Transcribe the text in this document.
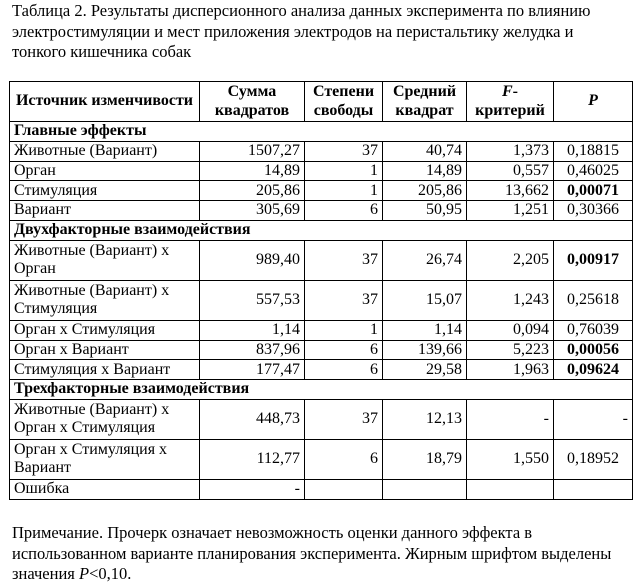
Таблица 2. Результаты дисперсионного анализа данных эксперимента по влиянию электростимуляции и мест приложения электродов на перистальтику желудка и тонкого кишечника собак
Источник изменчивости	Сумма квадратов	Степени свободы	Средний квадрат	F-критерий	P
Главные эффекты					
Животные (Вариант)	1507,27	37	40,74	1,373	0,18815
Орган	14,89	1	14,89	0,557	0,46025
Стимуляция	205,86	1	205,86	13,662	0,00071
Вариант	305,69	6	50,95	1,251	0,30366
Двухфакторные взаимодействия					
Животные (Вариант) х Орган	989,40	37	26,74	2,205	0,00917
Животные (Вариант) х Стимуляция	557,53	37	15,07	1,243	0,25618
Орган х Стимуляция	1,14	1	1,14	0,094	0,76039
Орган х Вариант	837,96	6	139,66	5,223	0,00056
Стимуляция х Вариант	177,47	6	29,58	1,963	0,09624
Трехфакторные взаимодействия					
Животные (Вариант) х Орган х Стимуляция	448,73	37	12,13	-	-
Орган х Стимуляция х Вариант	112,77	6	18,79	1,550	0,18952
Ошибка	-				
Примечание. Прочерк означает невозможность оценки данного эффекта в использованном варианте планирования эксперимента. Жирным шрифтом выделены значения P<0,10.
